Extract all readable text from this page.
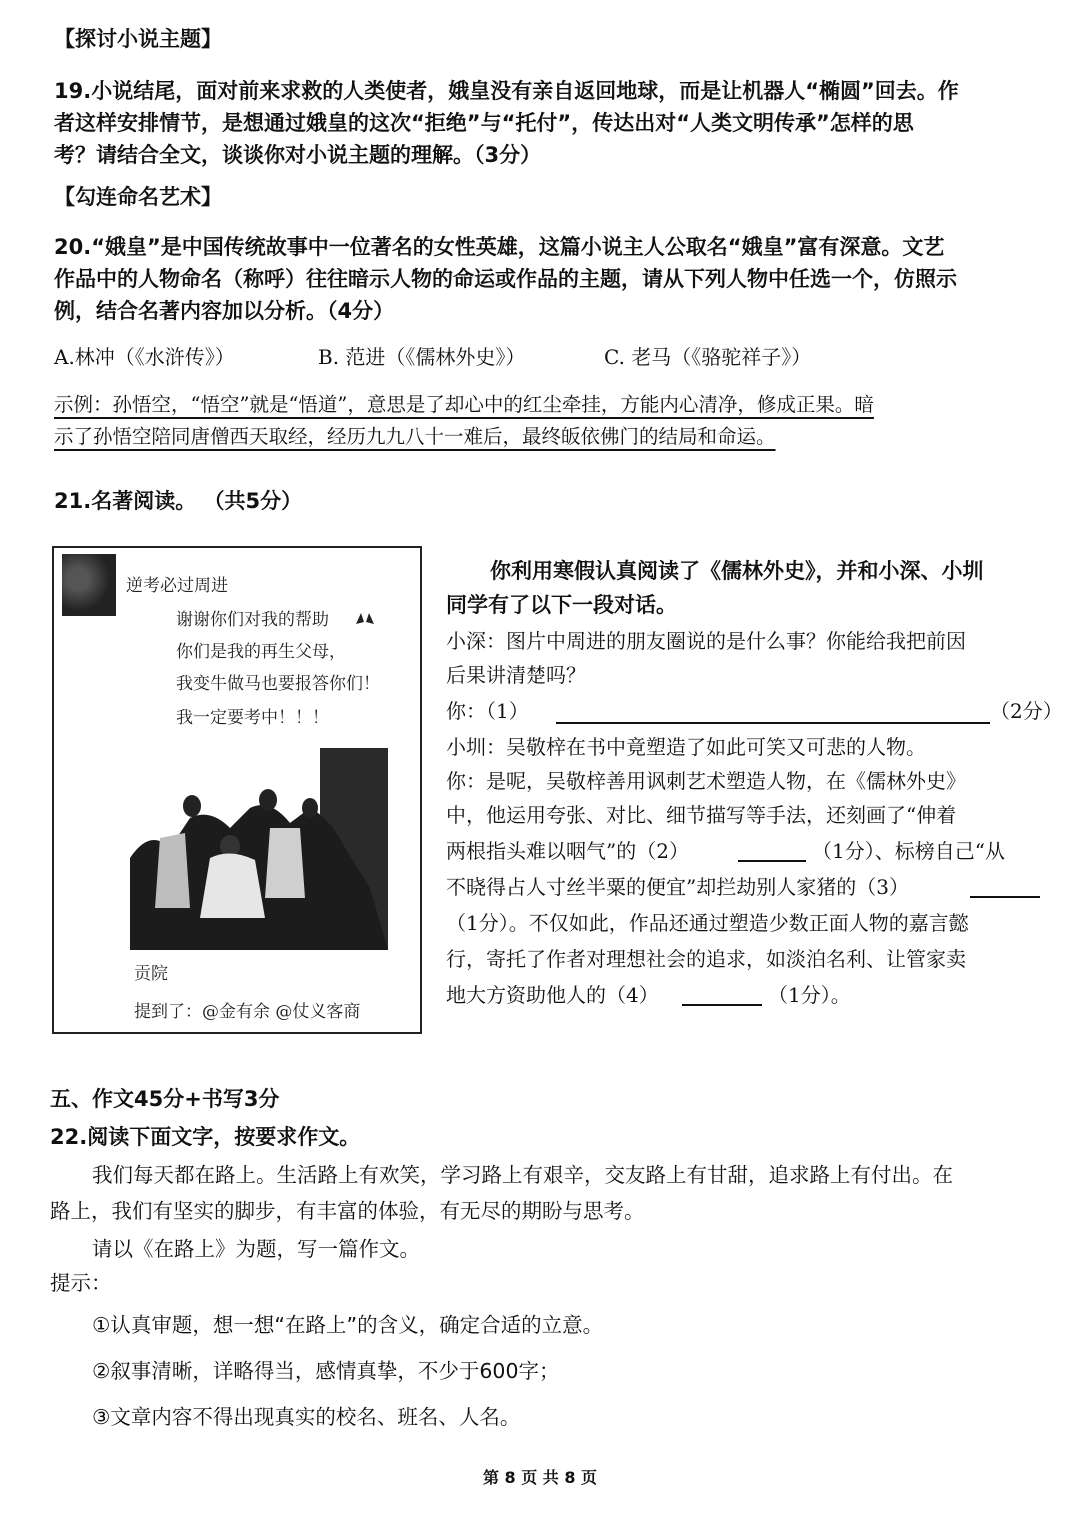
【探讨小说主题】
19.小说结尾，面对前来求救的人类使者，娥皇没有亲自返回地球，而是让机器人“椭圆”回去。作
者这样安排情节，是想通过娥皇的这次“拒绝”与“托付”，传达出对“人类文明传承”怎样的思
考？请结合全文，谈谈你对小说主题的理解。（3分）
【勾连命名艺术】
20.“娥皇”是中国传统故事中一位著名的女性英雄，这篇小说主人公取名“娥皇”富有深意。文艺
作品中的人物命名（称呼）往往暗示人物的命运或作品的主题，请从下列人物中任选一个，仿照示
例，结合名著内容加以分析。（4分）
A.林冲（《水浒传》）	B. 范进（《儒林外史》）	C. 老马（《骆驼祥子》）
示例：孙悟空，“悟空”就是“悟道”，意思是了却心中的红尘牵挂，方能内心清净，修成正果。暗
示了孙悟空陪同唐僧西天取经，经历九九八十一难后，最终皈依佛门的结局和命运。
21.名著阅读。 （共5分）
逆考必过周进
谢谢你们对我的帮助
你们是我的再生父母，
我变牛做马也要报答你们！
我一定要考中！！！
贡院
提到了：@金有余 @仗义客商
你利用寒假认真阅读了《儒林外史》，并和小深、小圳
同学有了以下一段对话。
小深：图片中周进的朋友圈说的是什么事？你能给我把前因
后果讲清楚吗？
你：（1）	（2分）
小圳：吴敬梓在书中竟塑造了如此可笑又可悲的人物。
你：是呢，吴敬梓善用讽刺艺术塑造人物，在《儒林外史》
中，他运用夸张、对比、细节描写等手法，还刻画了“伸着
两根指头难以咽气”的（2）	（1分）、标榜自己“从
不晓得占人寸丝半粟的便宜”却拦劫别人家猪的（3）
（1分）。不仅如此，作品还通过塑造少数正面人物的嘉言懿
行，寄托了作者对理想社会的追求，如淡泊名利、让管家卖
地大方资助他人的（4）	（1分）。
五、作文45分+书写3分
22.阅读下面文字，按要求作文。
我们每天都在路上。生活路上有欢笑，学习路上有艰辛，交友路上有甘甜，追求路上有付出。在
路上，我们有坚实的脚步，有丰富的体验，有无尽的期盼与思考。
请以《在路上》为题，写一篇作文。
提示：
①认真审题，想一想“在路上”的含义，确定合适的立意。
②叙事清晰，详略得当，感情真挚，不少于600字；
③文章内容不得出现真实的校名、班名、人名。
第 8 页 共 8 页
